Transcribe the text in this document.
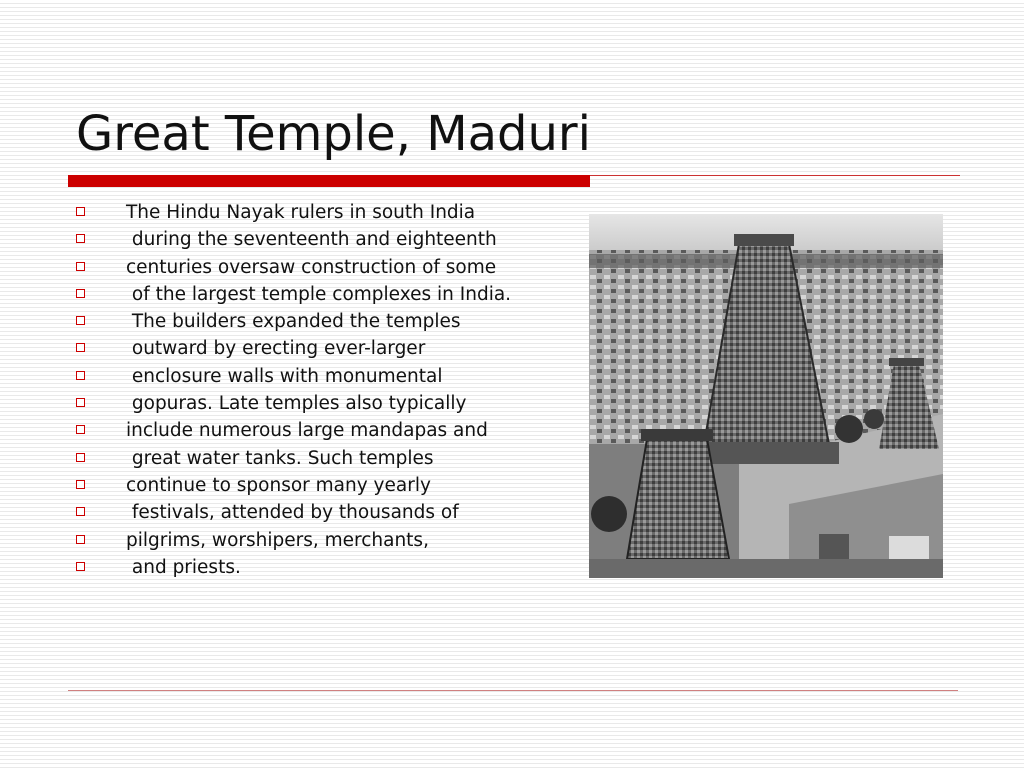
Great Temple, Maduri
The Hindu Nayak rulers in south India
during the seventeenth and eighteenth
centuries oversaw construction of some
of the largest temple complexes in India.
The builders expanded the temples
outward by erecting ever-larger
enclosure walls with monumental
gopuras. Late temples also typically
include numerous large mandapas and
great water tanks. Such temples
continue to sponsor many yearly
festivals, attended by thousands of
pilgrims, worshipers, merchants,
and priests.
